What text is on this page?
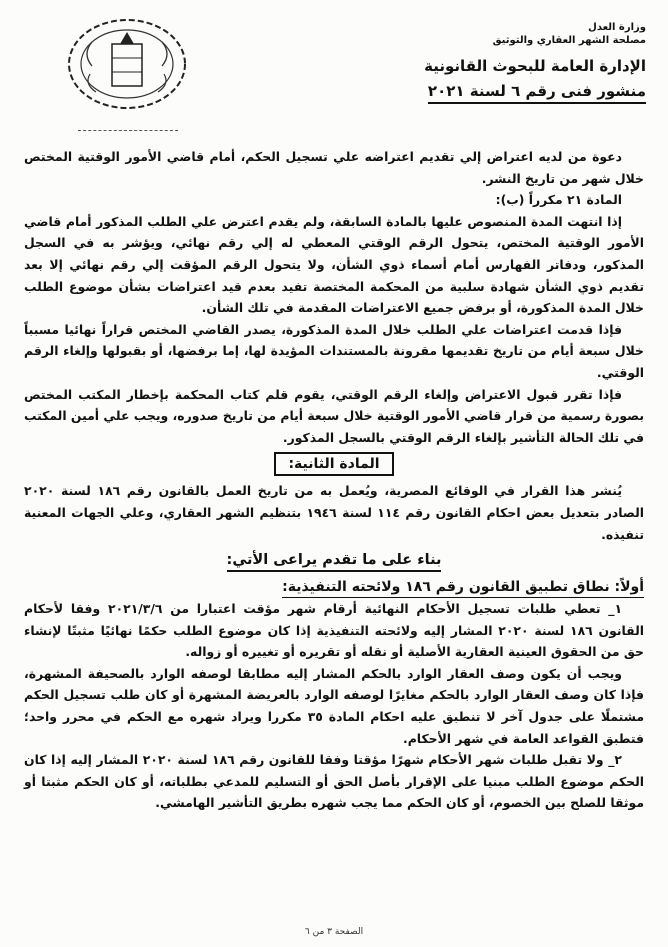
وزارة العدل
مصلحة الشهر العقاري والتوثيق
الإدارة العامة للبحوث القانونية
منشور فنى رقم ٦ لسنة ٢٠٢١

دعوة من لديه اعتراض إلي تقديم اعتراضه علي تسجيل الحكم، أمام قاضي الأمور الوقتية المختص خلال شهر من تاريخ النشر.

المادة ٢١ مكرراً (ب):

إذا انتهت المدة المنصوص عليها بالمادة السابقة، ولم يقدم اعترض علي الطلب المذكور أمام قاضي الأمور الوقتية المختص، يتحول الرقم الوقتي المعطي له إلي رقم نهائي، ويؤشر به في السجل المذكور، ودفاتر الفهارس أمام أسماء ذوي الشأن، ولا يتحول الرقم المؤقت إلي رقم نهائي إلا بعد تقديم ذوي الشأن شهادة سلبية من المحكمة المختصة تفيد بعدم قيد اعتراضات بشأن موضوع الطلب خلال المدة المذكورة، أو برفض جميع الاعتراضات المقدمة في تلك الشأن.

فإذا قدمت اعتراضات علي الطلب خلال المدة المذكورة، يصدر القاضي المختص قراراً نهائيا مسبباً خلال سبعة أيام من تاريخ تقديمها مقرونة بالمستندات المؤيدة لها، إما برفضها، أو بقبولها وإلغاء الرقم الوقتي.

فإذا تقرر قبول الاعتراض وإلغاء الرقم الوقتي، يقوم قلم كتاب المحكمة بإخطار المكتب المختص بصورة رسمية من قرار قاضي الأمور الوقتية خلال سبعة أيام من تاريخ صدوره، ويجب علي أمين المكتب في تلك الحالة التأشير بإلغاء الرقم الوقتي بالسجل المذكور.

المادة الثانية:

يُنشر هذا القرار في الوقائع المصرية، ويُعمل به من تاريخ العمل بالقانون رقم ١٨٦ لسنة ٢٠٢٠ الصادر بتعديل بعض احكام القانون رقم ١١٤ لسنة ١٩٤٦ بتنظيم الشهر العقاري، وعلي الجهات المعنية تنفيذه.

بناء على ما تقدم يراعى الأتي:
أولاً: نطاق تطبيق القانون رقم ١٨٦ ولائحته التنفيذية:

١_ تعطي طلبات تسجيل الأحكام النهائية أرقام شهر مؤقت اعتبارا من ٢٠٢١/٣/٦ وفقا لأحكام القانون ١٨٦ لسنة ٢٠٢٠ المشار إليه ولائحته التنفيذية إذا كان موضوع الطلب حكمًا نهائيًا مثبتًا لإنشاء حق من الحقوق العينية العقارية الأصلية أو نقله أو تقريره أو تغييره أو زواله.

ويجب أن يكون وصف العقار الوارد بالحكم المشار إليه مطابقا لوصفه الوارد بالصحيفة المشهرة، فإذا كان وصف العقار الوارد بالحكم مغايرًا لوصفه الوارد بالعريضة المشهرة أو كان طلب تسجيل الحكم مشتملًا على جدول آخر لا تنطبق عليه احكام المادة ٣٥ مكررا ويراد شهره مع الحكم في محرر واحد؛ فتطبق القواعد العامة في شهر الأحكام.

٢_ ولا تقبل طلبات شهر الأحكام شهرًا مؤقتا وفقا للقانون رقم ١٨٦ لسنة ٢٠٢٠ المشار إليه إذا كان الحكم موضوع الطلب مبنيا على الإقرار بأصل الحق أو التسليم للمدعي بطلباته، أو كان الحكم مثبتا أو موثقا للصلح بين الخصوم، أو كان الحكم مما يجب شهره بطريق التأشير الهامشي.

الصفحة ٣ من ٦
